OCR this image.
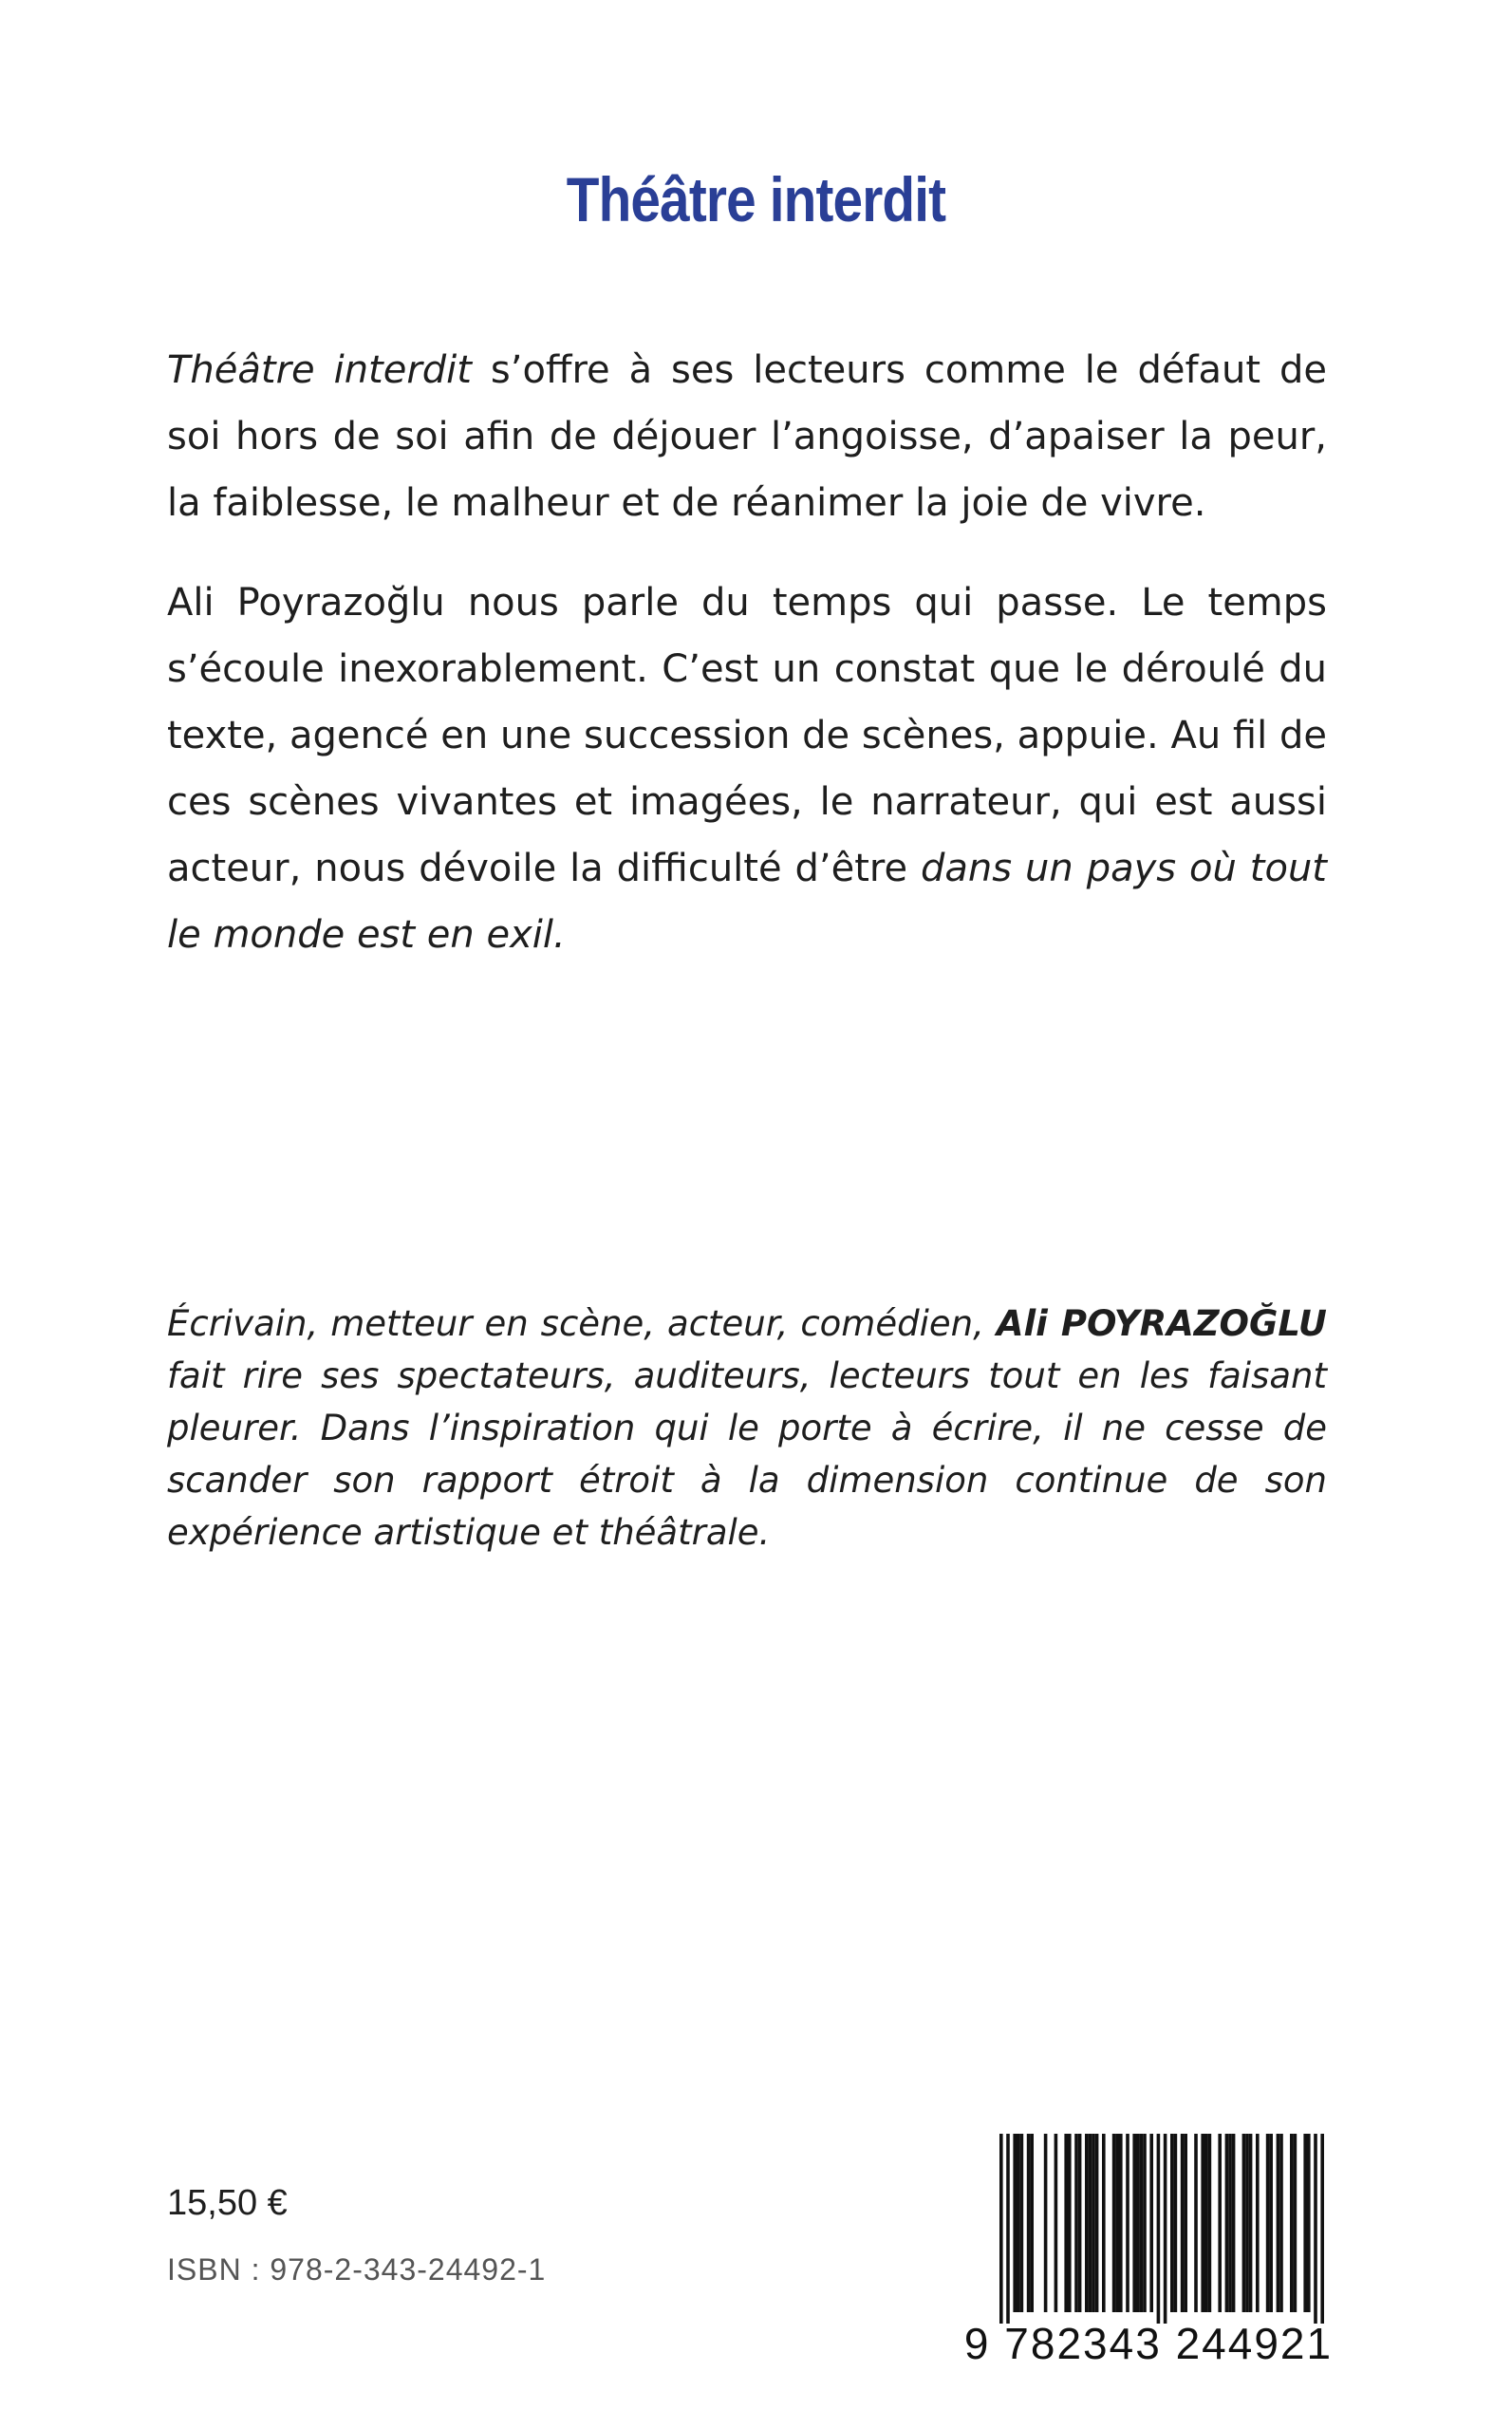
Théâtre interdit

Théâtre interdit s’offre à ses lecteurs comme le défaut de soi hors de soi afin de déjouer l’angoisse, d’apaiser la peur, la faiblesse, le malheur et de réanimer la joie de vivre.

Ali Poyrazoğlu nous parle du temps qui passe. Le temps s’écoule inexorablement. C’est un constat que le déroulé du texte, agencé en une succession de scènes, appuie. Au fil de ces scènes vivantes et imagées, le narrateur, qui est aussi acteur, nous dévoile la difficulté d’être dans un pays où tout le monde est en exil.

Écrivain, metteur en scène, acteur, comédien, Ali POYRAZOĞLU fait rire ses spectateurs, auditeurs, lecteurs tout en les faisant pleurer. Dans l’inspiration qui le porte à écrire, il ne cesse de scander son rapport étroit à la dimension continue de son expérience artistique et théâtrale.

15,50 €
ISBN : 978-2-343-24492-1
9 782343 244921
